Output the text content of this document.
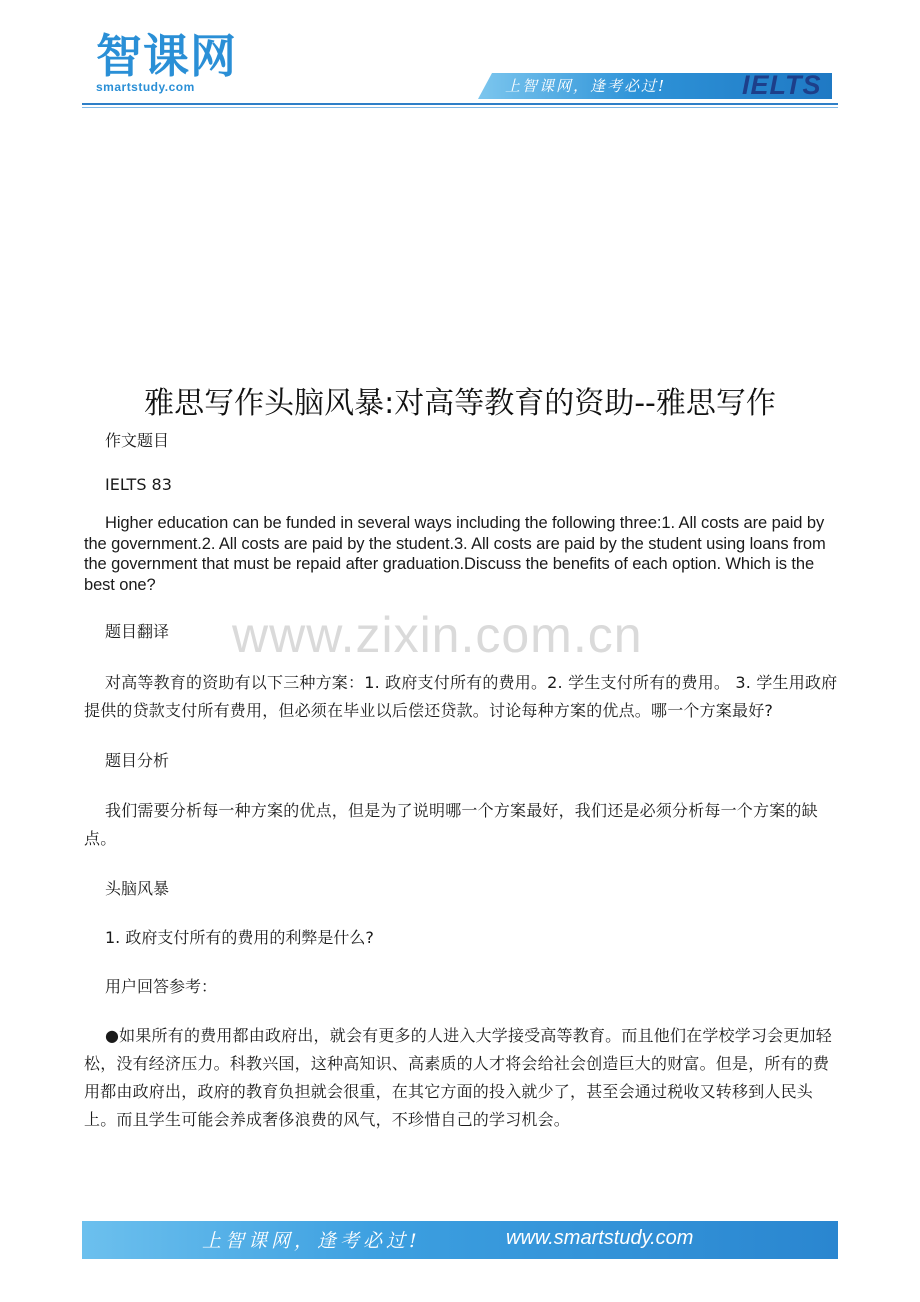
智课网
smartstudy.com	上智课网，逢考必过!	IELTS
雅思写作头脑风暴:对高等教育的资助--雅思写作
www.zixin.com.cn

作文题目

IELTS 83

Higher education can be funded in several ways including the following three:1. All costs are paid by the government.2. All costs are paid by the student.3. All costs are paid by the student using loans from the government that must be repaid after graduation.Discuss the benefits of each option. Which is the best one?

题目翻译

对高等教育的资助有以下三种方案：1. 政府支付所有的费用。2. 学生支付所有的费用。 3. 学生用政府提供的贷款支付所有费用，但必须在毕业以后偿还贷款。讨论每种方案的优点。哪一个方案最好?

题目分析

我们需要分析每一种方案的优点，但是为了说明哪一个方案最好，我们还是必须分析每一个方案的缺点。

头脑风暴

1. 政府支付所有的费用的利弊是什么?

用户回答参考：

●如果所有的费用都由政府出，就会有更多的人进入大学接受高等教育。而且他们在学校学习会更加轻松，没有经济压力。科教兴国，这种高知识、高素质的人才将会给社会创造巨大的财富。但是，所有的费用都由政府出，政府的教育负担就会很重，在其它方面的投入就少了，甚至会通过税收又转移到人民头上。而且学生可能会养成奢侈浪费的风气，不珍惜自己的学习机会。

上智课网，逢考必过!	www.smartstudy.com
